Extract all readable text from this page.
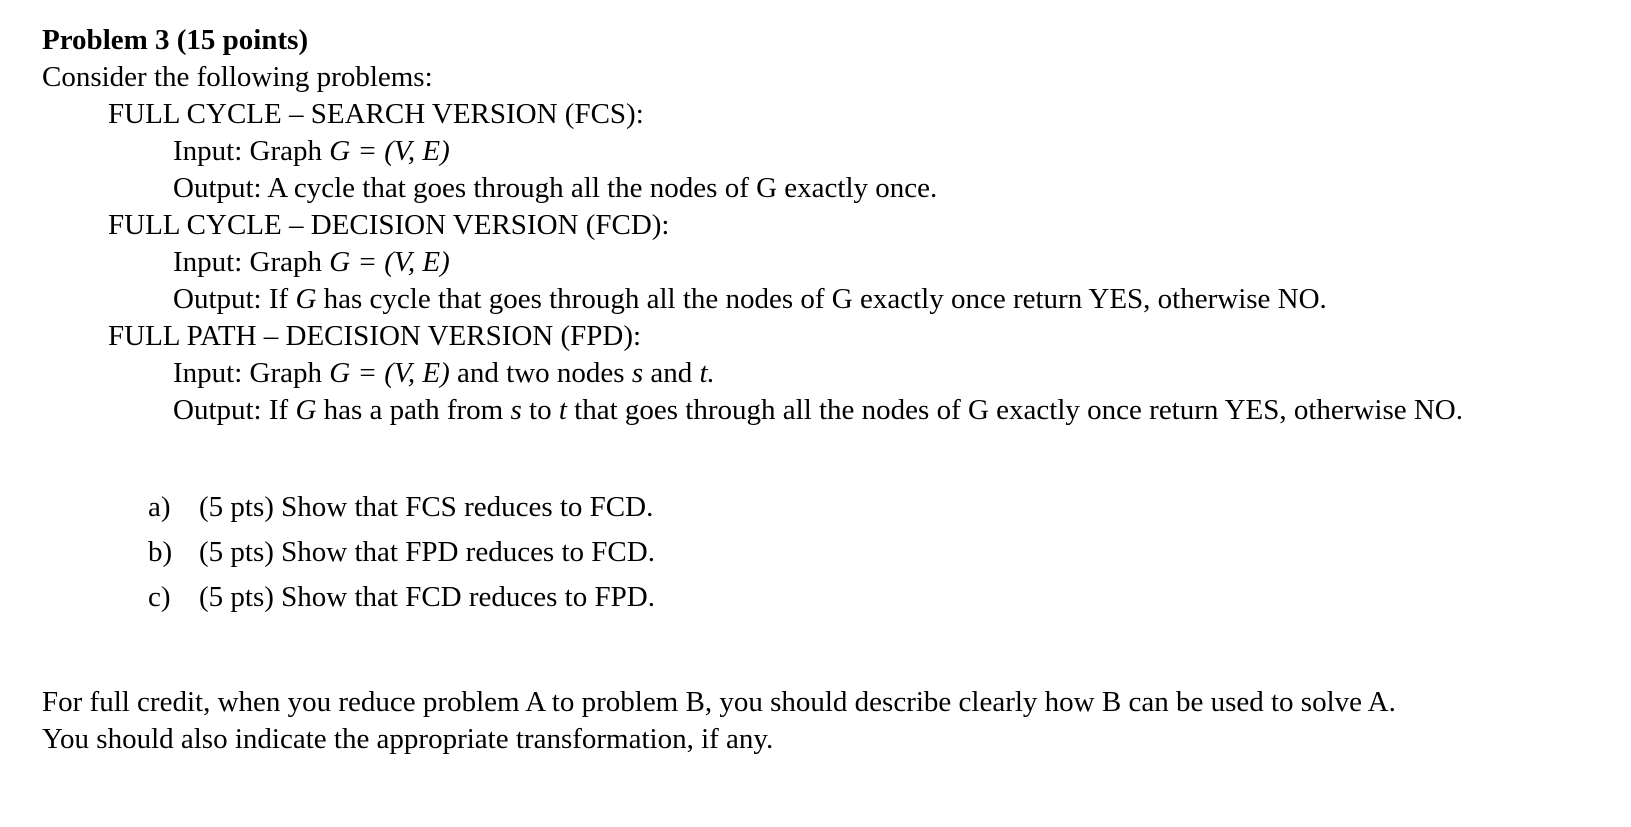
Problem 3 (15 points)
Consider the following problems:
FULL CYCLE – SEARCH VERSION (FCS):
Input: Graph G = (V, E)
Output: A cycle that goes through all the nodes of G exactly once.
FULL CYCLE – DECISION VERSION (FCD):
Input: Graph G = (V, E)
Output: If G has cycle that goes through all the nodes of G exactly once return YES, otherwise NO.
FULL PATH – DECISION VERSION (FPD):
Input: Graph G = (V, E) and two nodes s and t.
Output: If G has a path from s to t that goes through all the nodes of G exactly once return YES, otherwise NO.
a) (5 pts) Show that FCS reduces to FCD.
b) (5 pts) Show that FPD reduces to FCD.
c) (5 pts) Show that FCD reduces to FPD.
For full credit, when you reduce problem A to problem B, you should describe clearly how B can be used to solve A.
You should also indicate the appropriate transformation, if any.
